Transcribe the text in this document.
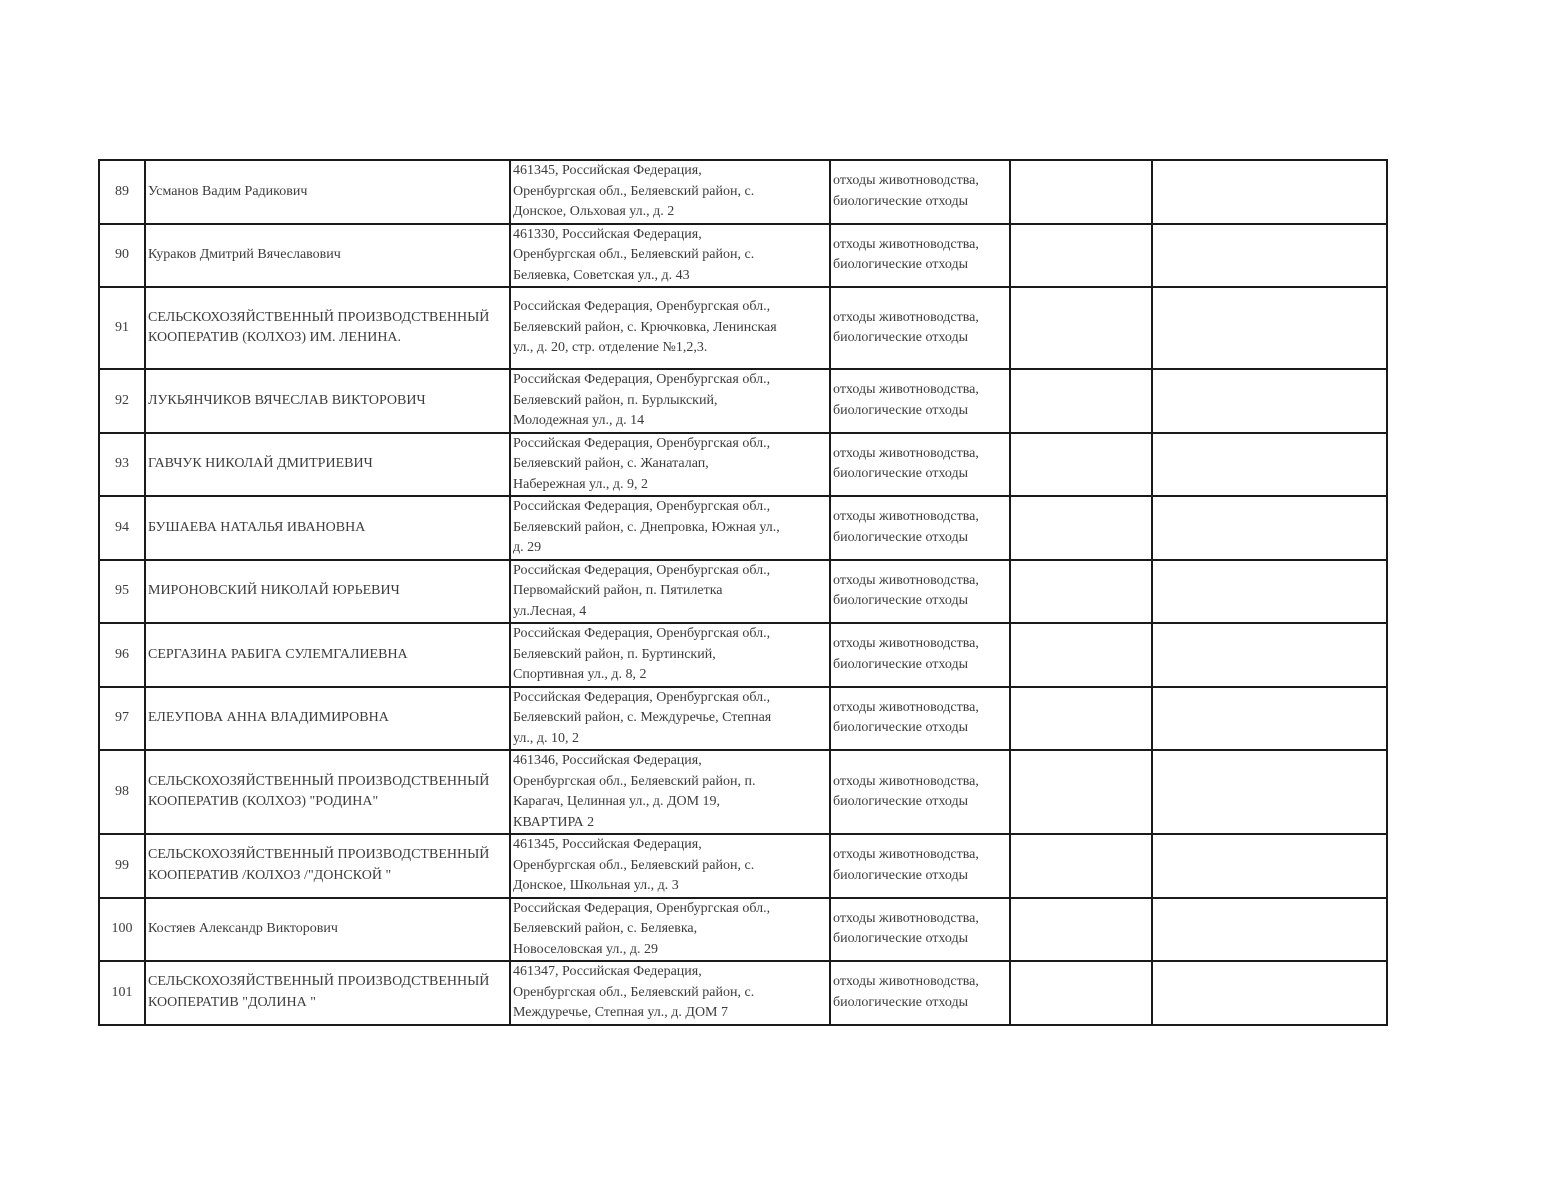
89	Усманов Вадим Радикович	461345, Российская Федерация,
Оренбургская обл., Беляевский район, с.
Донское, Ольховая ул., д. 2	отходы животноводства,
биологические отходы		

90	Кураков Дмитрий Вячеславович	461330, Российская Федерация,
Оренбургская обл., Беляевский район, с.
Беляевка, Советская ул., д. 43	отходы животноводства,
биологические отходы		

91	СЕЛЬСКОХОЗЯЙСТВЕННЫЙ ПРОИЗВОДСТВЕННЫЙ КООПЕРАТИВ (КОЛХОЗ) ИМ. ЛЕНИНА.	Российская Федерация, Оренбургская обл.,
Беляевский район, с. Крючковка, Ленинская
ул., д. 20, стр. отделение №1,2,3.	отходы животноводства,
биологические отходы		

92	ЛУКЬЯНЧИКОВ ВЯЧЕСЛАВ ВИКТОРОВИЧ	Российская Федерация, Оренбургская обл.,
Беляевский район, п. Бурлыкский,
Молодежная ул., д. 14	отходы животноводства,
биологические отходы		

93	ГАВЧУК НИКОЛАЙ ДМИТРИЕВИЧ	Российская Федерация, Оренбургская обл.,
Беляевский район, с. Жанаталап,
Набережная ул., д. 9, 2	отходы животноводства,
биологические отходы		

94	БУШАЕВА НАТАЛЬЯ ИВАНОВНА	Российская Федерация, Оренбургская обл.,
Беляевский район, с. Днепровка, Южная ул.,
д. 29	отходы животноводства,
биологические отходы		

95	МИРОНОВСКИЙ НИКОЛАЙ ЮРЬЕВИЧ	Российская Федерация, Оренбургская обл.,
Первомайский район, п. Пятилетка
ул.Лесная, 4	отходы животноводства,
биологические отходы		

96	СЕРГАЗИНА РАБИГА СУЛЕМГАЛИЕВНА	Российская Федерация, Оренбургская обл.,
Беляевский район, п. Буртинский,
Спортивная ул., д. 8, 2	отходы животноводства,
биологические отходы		

97	ЕЛЕУПОВА АННА ВЛАДИМИРОВНА	Российская Федерация, Оренбургская обл.,
Беляевский район, с. Междуречье, Степная
ул., д. 10, 2	отходы животноводства,
биологические отходы		

98	СЕЛЬСКОХОЗЯЙСТВЕННЫЙ ПРОИЗВОДСТВЕННЫЙ КООПЕРАТИВ (КОЛХОЗ) "РОДИНА"	461346, Российская Федерация,
Оренбургская обл., Беляевский район, п.
Карагач, Целинная ул., д. ДОМ 19,
КВАРТИРА 2	отходы животноводства,
биологические отходы		

99	СЕЛЬСКОХОЗЯЙСТВЕННЫЙ ПРОИЗВОДСТВЕННЫЙ КООПЕРАТИВ /КОЛХОЗ /"ДОНСКОЙ "	461345, Российская Федерация,
Оренбургская обл., Беляевский район, с.
Донское, Школьная ул., д. 3	отходы животноводства,
биологические отходы		

100	Костяев Александр Викторович	Российская Федерация, Оренбургская обл.,
Беляевский район, с. Беляевка,
Новоселовская ул., д. 29	отходы животноводства,
биологические отходы		

101	СЕЛЬСКОХОЗЯЙСТВЕННЫЙ ПРОИЗВОДСТВЕННЫЙ КООПЕРАТИВ "ДОЛИНА "	461347, Российская Федерация,
Оренбургская обл., Беляевский район, с.
Междуречье, Степная ул., д. ДОМ 7	отходы животноводства,
биологические отходы		
